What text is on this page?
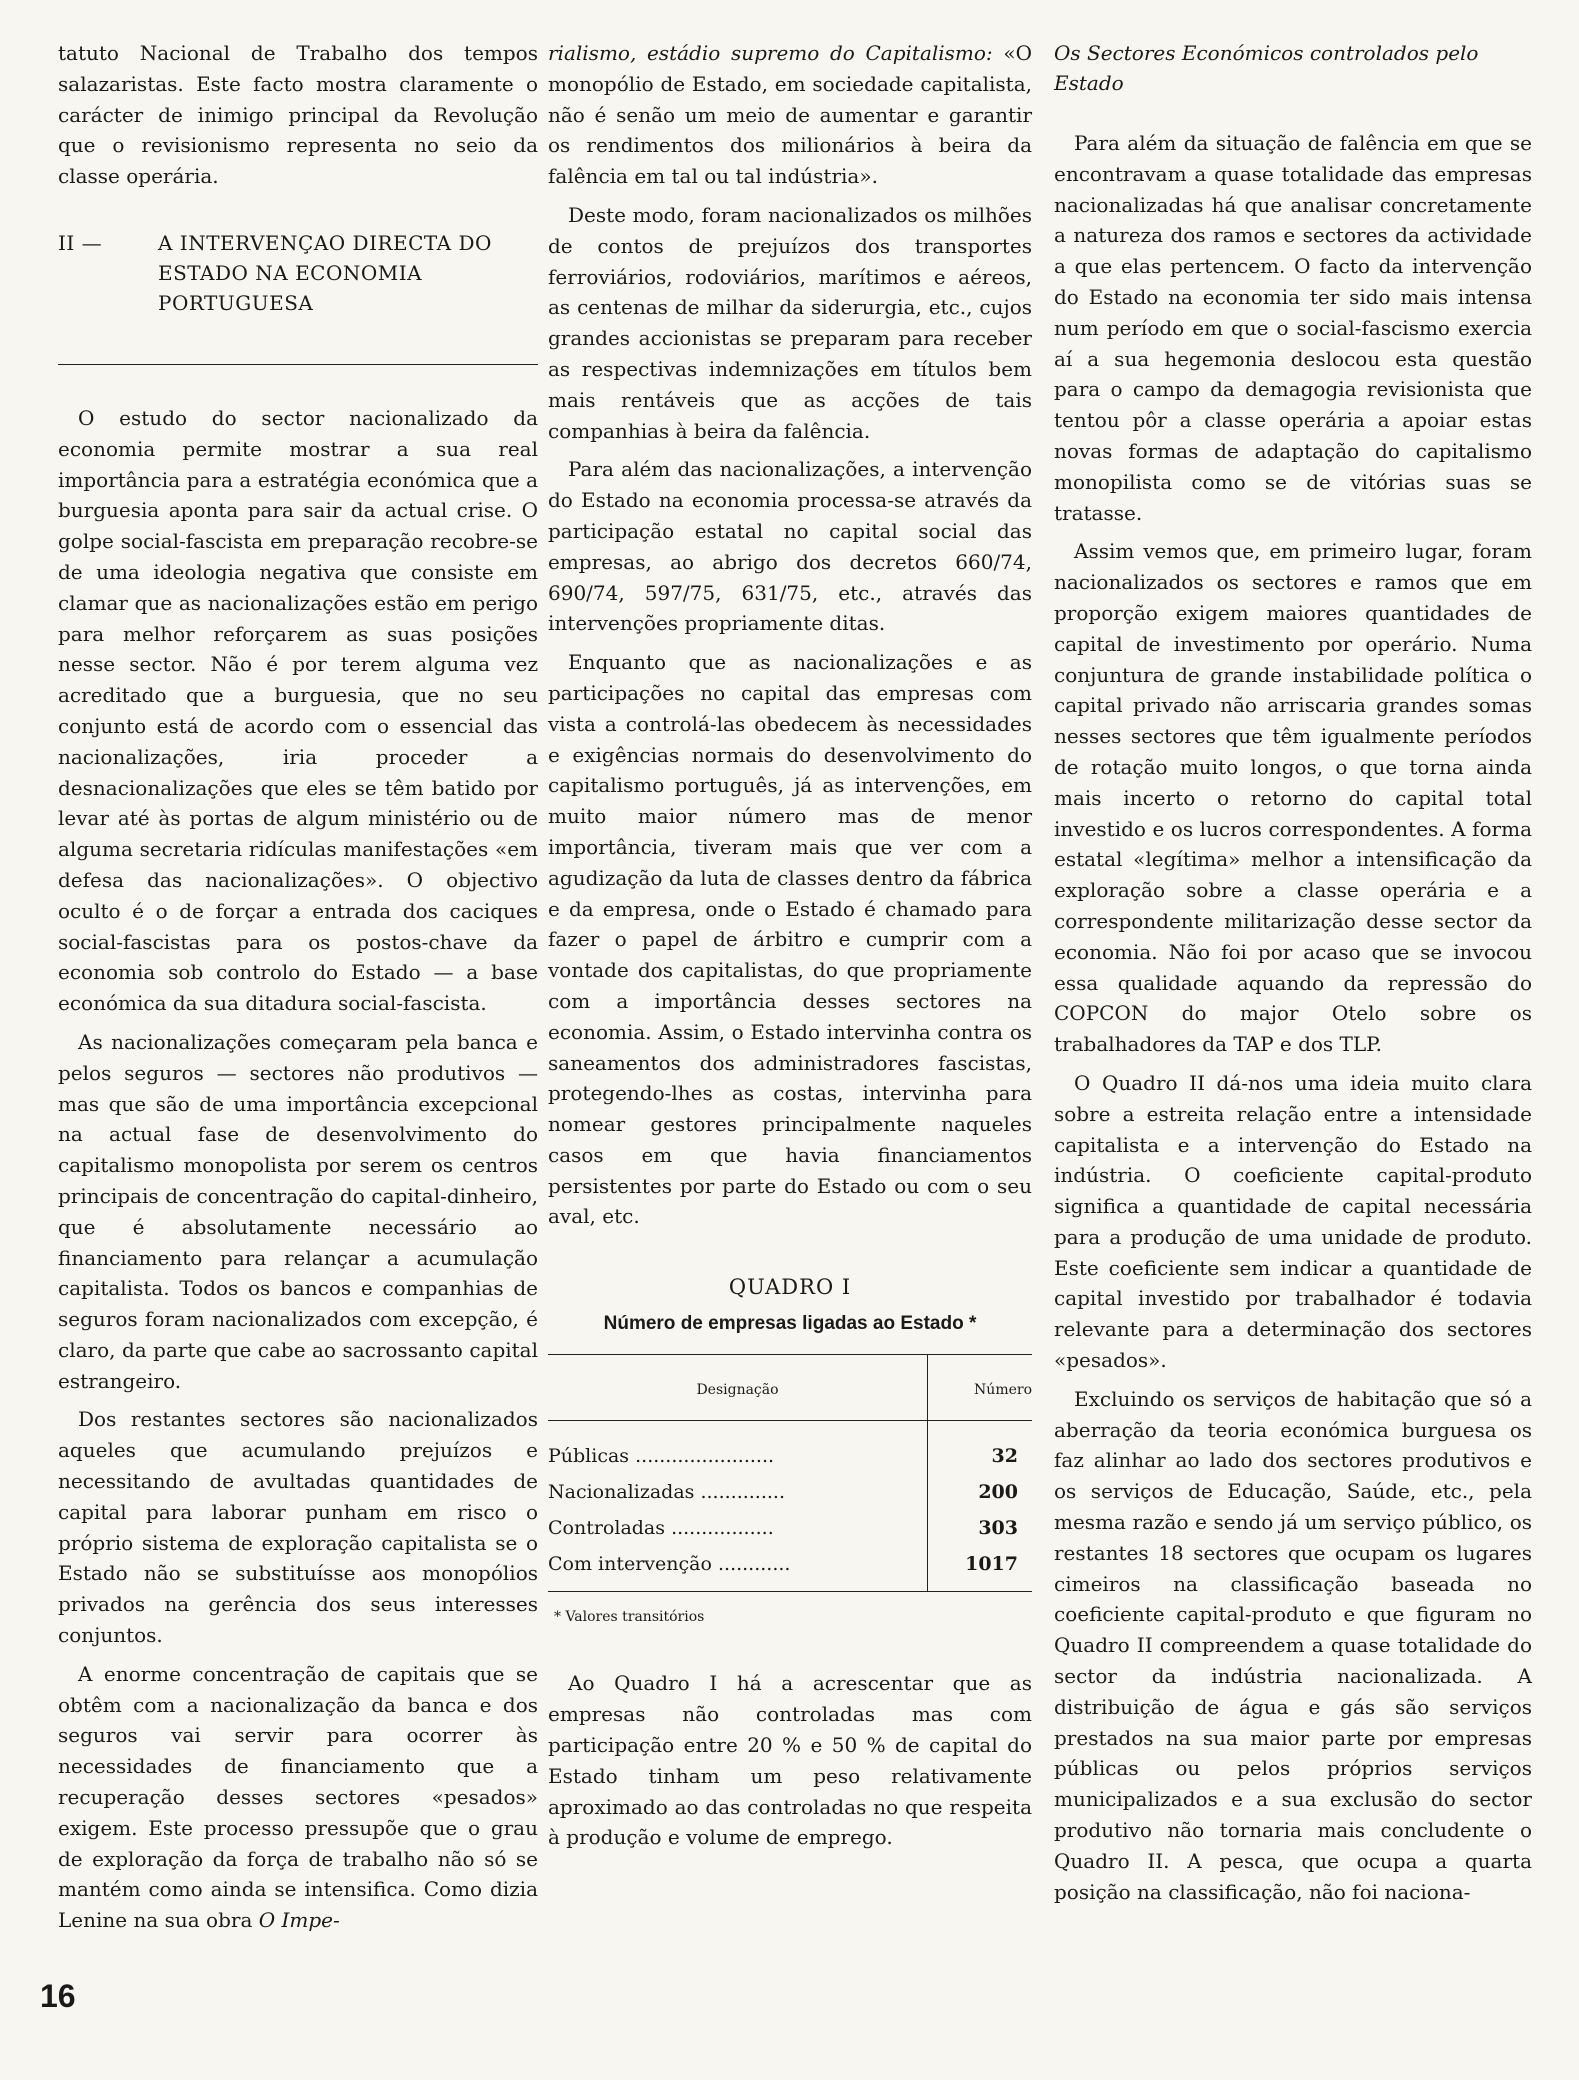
tatuto Nacional de Trabalho dos tempos salazaristas. Este facto mostra claramente o carácter de inimigo principal da Revolução que o revisionismo representa no seio da classe operária.

II —	A INTERVENÇAO DIRECTA DO ESTADO NA ECONOMIA PORTUGUESA

O estudo do sector nacionalizado da economia permite mostrar a sua real importância para a estratégia económica que a burguesia aponta para sair da actual crise. O golpe social-fascista em preparação recobre-se de uma ideologia negativa que consiste em clamar que as nacionalizações estão em perigo para melhor reforçarem as suas posições nesse sector. Não é por terem alguma vez acreditado que a burguesia, que no seu conjunto está de acordo com o essencial das nacionalizações, iria proceder a desnacionalizações que eles se têm batido por levar até às portas de algum ministério ou de alguma secretaria ridículas manifestações «em defesa das nacionalizações». O objectivo oculto é o de forçar a entrada dos caciques social-fascistas para os postos-chave da economia sob controlo do Estado — a base económica da sua ditadura social-fascista.

As nacionalizações começaram pela banca e pelos seguros — sectores não produtivos — mas que são de uma importância excepcional na actual fase de desenvolvimento do capitalismo monopolista por serem os centros principais de concentração do capital-dinheiro, que é absolutamente necessário ao financiamento para relançar a acumulação capitalista. Todos os bancos e companhias de seguros foram nacionalizados com excepção, é claro, da parte que cabe ao sacrossanto capital estrangeiro.

Dos restantes sectores são nacionalizados aqueles que acumulando prejuízos e necessitando de avultadas quantidades de capital para laborar punham em risco o próprio sistema de exploração capitalista se o Estado não se substituísse aos monopólios privados na gerência dos seus interesses conjuntos.

A enorme concentração de capitais que se obtêm com a nacionalização da banca e dos seguros vai servir para ocorrer às necessidades de financiamento que a recuperação desses sectores «pesados» exigem. Este processo pressupõe que o grau de exploração da força de trabalho não só se mantém como ainda se intensifica. Como dizia Lenine na sua obra O Impe-

rialismo, estádio supremo do Capitalismo: «O monopólio de Estado, em sociedade capitalista, não é senão um meio de aumentar e garantir os rendimentos dos milionários à beira da falência em tal ou tal indústria».

Deste modo, foram nacionalizados os milhões de contos de prejuízos dos transportes ferroviários, rodoviários, marítimos e aéreos, as centenas de milhar da siderurgia, etc., cujos grandes accionistas se preparam para receber as respectivas indemnizações em títulos bem mais rentáveis que as acções de tais companhias à beira da falência.

Para além das nacionalizações, a intervenção do Estado na economia processa-se através da participação estatal no capital social das empresas, ao abrigo dos decretos 660/74, 690/74, 597/75, 631/75, etc., através das intervenções propriamente ditas.

Enquanto que as nacionalizações e as participações no capital das empresas com vista a controlá-las obedecem às necessidades e exigências normais do desenvolvimento do capitalismo português, já as intervenções, em muito maior número mas de menor importância, tiveram mais que ver com a agudização da luta de classes dentro da fábrica e da empresa, onde o Estado é chamado para fazer o papel de árbitro e cumprir com a vontade dos capitalistas, do que propriamente com a importância desses sectores na economia. Assim, o Estado intervinha contra os saneamentos dos administradores fascistas, protegendo-lhes as costas, intervinha para nomear gestores principalmente naqueles casos em que havia financiamentos persistentes por parte do Estado ou com o seu aval, etc.

QUADRO I
Número de empresas ligadas ao Estado *
Designação	Número
Públicas .......................	32
Nacionalizadas ..............	200
Controladas .................	303
Com intervenção ............	1017
* Valores transitórios

Ao Quadro I há a acrescentar que as empresas não controladas mas com participação entre 20 % e 50 % de capital do Estado tinham um peso relativamente aproximado ao das controladas no que respeita à produção e volume de emprego.

Os Sectores Económicos controlados pelo Estado

Para além da situação de falência em que se encontravam a quase totalidade das empresas nacionalizadas há que analisar concretamente a natureza dos ramos e sectores da actividade a que elas pertencem. O facto da intervenção do Estado na economia ter sido mais intensa num período em que o social-fascismo exercia aí a sua hegemonia deslocou esta questão para o campo da demagogia revisionista que tentou pôr a classe operária a apoiar estas novas formas de adaptação do capitalismo monopilista como se de vitórias suas se tratasse.

Assim vemos que, em primeiro lugar, foram nacionalizados os sectores e ramos que em proporção exigem maiores quantidades de capital de investimento por operário. Numa conjuntura de grande instabilidade política o capital privado não arriscaria grandes somas nesses sectores que têm igualmente períodos de rotação muito longos, o que torna ainda mais incerto o retorno do capital total investido e os lucros correspondentes. A forma estatal «legítima» melhor a intensificação da exploração sobre a classe operária e a correspondente militarização desse sector da economia. Não foi por acaso que se invocou essa qualidade aquando da repressão do COPCON do major Otelo sobre os trabalhadores da TAP e dos TLP.

O Quadro II dá-nos uma ideia muito clara sobre a estreita relação entre a intensidade capitalista e a intervenção do Estado na indústria. O coeficiente capital-produto significa a quantidade de capital necessária para a produção de uma unidade de produto. Este coeficiente sem indicar a quantidade de capital investido por trabalhador é todavia relevante para a determinação dos sectores «pesados».

Excluindo os serviços de habitação que só a aberração da teoria económica burguesa os faz alinhar ao lado dos sectores produtivos e os serviços de Educação, Saúde, etc., pela mesma razão e sendo já um serviço público, os restantes 18 sectores que ocupam os lugares cimeiros na classificação baseada no coeficiente capital-produto e que figuram no Quadro II compreendem a quase totalidade do sector da indústria nacionalizada. A distribuição de água e gás são serviços prestados na sua maior parte por empresas públicas ou pelos próprios serviços municipalizados e a sua exclusão do sector produtivo não tornaria mais concludente o Quadro II. A pesca, que ocupa a quarta posição na classificação, não foi naciona-

16
